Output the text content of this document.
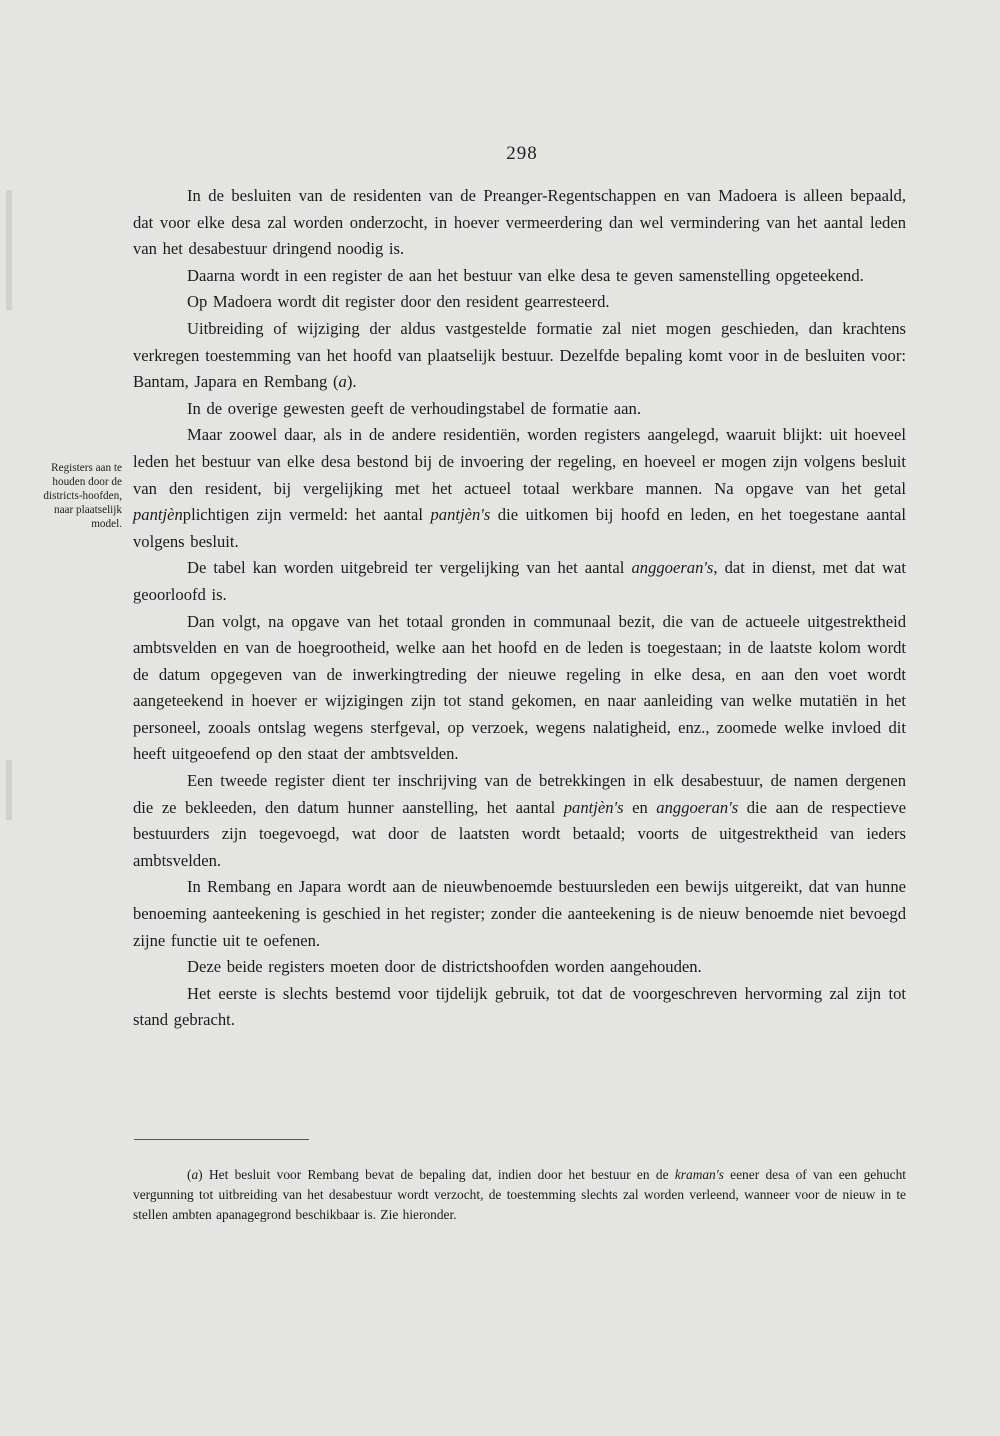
298
Registers aan te houden door de districts-hoofden, naar plaatselijk model.

In de besluiten van de residenten van de Preanger-Regentschappen en van Madoera is alleen bepaald, dat voor elke desa zal worden onderzocht, in hoever vermeerdering dan wel vermindering van het aantal leden van het desabestuur dringend noodig is.

Daarna wordt in een register de aan het bestuur van elke desa te geven samenstelling opgeteekend.

Op Madoera wordt dit register door den resident gearresteerd.

Uitbreiding of wijziging der aldus vastgestelde formatie zal niet mogen geschieden, dan krachtens verkregen toestemming van het hoofd van plaatselijk bestuur. Dezelfde bepaling komt voor in de besluiten voor: Bantam, Japara en Rembang (a).

In de overige gewesten geeft de verhoudingstabel de formatie aan.

Maar zoowel daar, als in de andere residentiën, worden registers aangelegd, waaruit blijkt: uit hoeveel leden het bestuur van elke desa bestond bij de invoering der regeling, en hoeveel er mogen zijn volgens besluit van den resident, bij vergelijking met het actueel totaal werkbare mannen. Na opgave van het getal pantjènplichtigen zijn vermeld: het aantal pantjèn's die uitkomen bij hoofd en leden, en het toegestane aantal volgens besluit.

De tabel kan worden uitgebreid ter vergelijking van het aantal anggoeran's, dat in dienst, met dat wat geoorloofd is.

Dan volgt, na opgave van het totaal gronden in communaal bezit, die van de actueele uitgestrektheid ambtsvelden en van de hoegrootheid, welke aan het hoofd en de leden is toegestaan; in de laatste kolom wordt de datum opgegeven van de inwerkingtreding der nieuwe regeling in elke desa, en aan den voet wordt aangeteekend in hoever er wijzigingen zijn tot stand gekomen, en naar aanleiding van welke mutatiën in het personeel, zooals ontslag wegens sterfgeval, op verzoek, wegens nalatigheid, enz., zoomede welke invloed dit heeft uitgeoefend op den staat der ambtsvelden.

Een tweede register dient ter inschrijving van de betrekkingen in elk desabestuur, de namen dergenen die ze bekleeden, den datum hunner aanstelling, het aantal pantjèn's en anggoeran's die aan de respectieve bestuurders zijn toegevoegd, wat door de laatsten wordt betaald; voorts de uitgestrektheid van ieders ambtsvelden.

In Rembang en Japara wordt aan de nieuwbenoemde bestuursleden een bewijs uitgereikt, dat van hunne benoeming aanteekening is geschied in het register; zonder die aanteekening is de nieuw benoemde niet bevoegd zijne functie uit te oefenen.

Deze beide registers moeten door de districtshoofden worden aangehouden.

Het eerste is slechts bestemd voor tijdelijk gebruik, tot dat de voorgeschreven hervorming zal zijn tot stand gebracht.

(a) Het besluit voor Rembang bevat de bepaling dat, indien door het bestuur en de kraman's eener desa of van een gehucht vergunning tot uitbreiding van het desabestuur wordt verzocht, de toestemming slechts zal worden verleend, wanneer voor de nieuw in te stellen ambten apanagegrond beschikbaar is. Zie hieronder.
